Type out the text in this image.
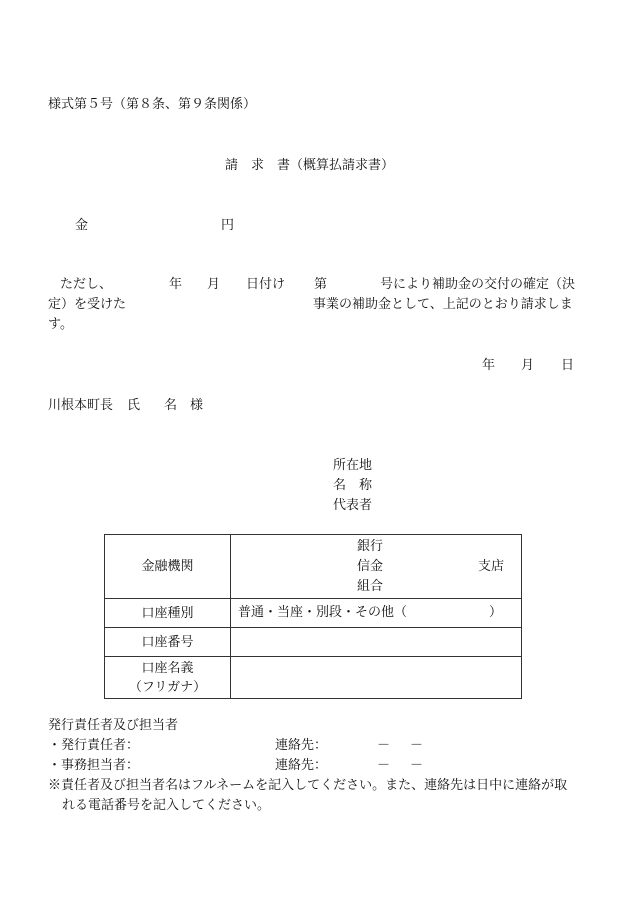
様式第５号（第８条、第９条関係）
請　求　書（概算払請求書）
金	円
ただし、	年 月 日付け 第	号により補助金の交付の確定（決
定）を受けた	事業の補助金として、上記のとおり請求しま
す。
年 月 日
川根本町長 氏 名 様
所在地
名　称
代表者
金融機関	銀行
信金
組合
支店

口座種別	普通・当座・別段・その他（ ）

口座番号	

口座名義
（フリガナ）	

発行責任者及び担当者
・発行責任者：	連絡先：	－ －
・事務担当者：	連絡先：	－ －
※責任者及び担当者名はフルネームを記入してください。また、連絡先は日中に連絡が取
れる電話番号を記入してください。
